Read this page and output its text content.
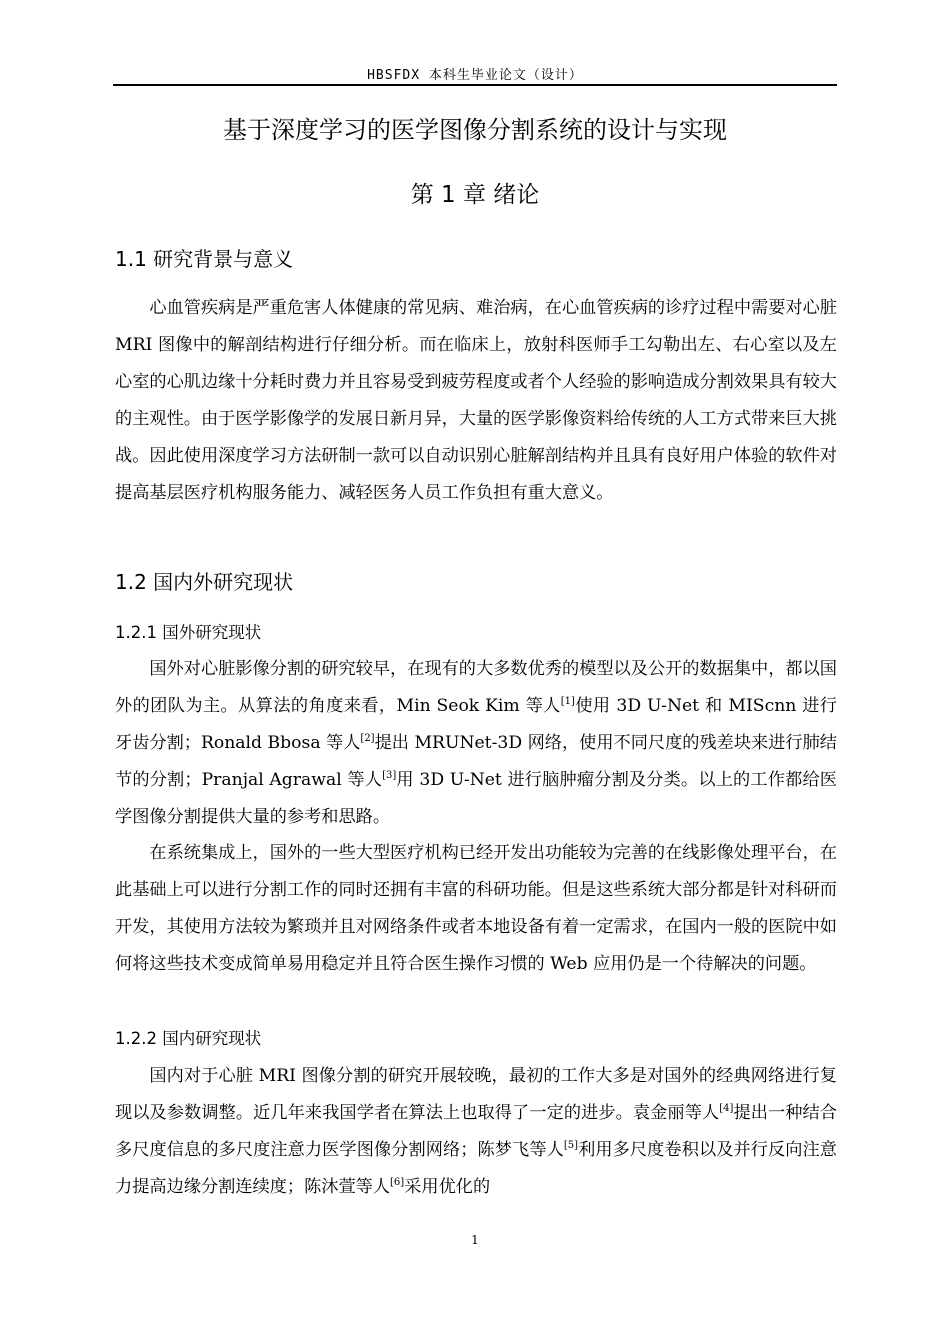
HBSFDX 本科生毕业论文（设计）
基于深度学习的医学图像分割系统的设计与实现
第 1 章 绪论
1.1 研究背景与意义

心血管疾病是严重危害人体健康的常见病、难治病，在心血管疾病的诊疗过程中需要对心脏 MRI 图像中的解剖结构进行仔细分析。而在临床上，放射科医师手工勾勒出左、右心室以及左心室的心肌边缘十分耗时费力并且容易受到疲劳程度或者个人经验的影响造成分割效果具有较大的主观性。由于医学影像学的发展日新月异，大量的医学影像资料给传统的人工方式带来巨大挑战。因此使用深度学习方法研制一款可以自动识别心脏解剖结构并且具有良好用户体验的软件对提高基层医疗机构服务能力、减轻医务人员工作负担有重大意义。

1.2 国内外研究现状
1.2.1 国外研究现状

国外对心脏影像分割的研究较早，在现有的大多数优秀的模型以及公开的数据集中，都以国外的团队为主。从算法的角度来看，Min Seok Kim 等人[1]使用 3D U-Net 和 MIScnn 进行牙齿分割；Ronald Bbosa 等人[2]提出 MRUNet-3D 网络，使用不同尺度的残差块来进行肺结节的分割；Pranjal Agrawal 等人[3]用 3D U-Net 进行脑肿瘤分割及分类。以上的工作都给医学图像分割提供大量的参考和思路。

在系统集成上，国外的一些大型医疗机构已经开发出功能较为完善的在线影像处理平台，在此基础上可以进行分割工作的同时还拥有丰富的科研功能。但是这些系统大部分都是针对科研而开发，其使用方法较为繁琐并且对网络条件或者本地设备有着一定需求，在国内一般的医院中如何将这些技术变成简单易用稳定并且符合医生操作习惯的 Web 应用仍是一个待解决的问题。

1.2.2 国内研究现状

国内对于心脏 MRI 图像分割的研究开展较晚，最初的工作大多是对国外的经典网络进行复现以及参数调整。近几年来我国学者在算法上也取得了一定的进步。袁金丽等人[4]提出一种结合多尺度信息的多尺度注意力医学图像分割网络；陈梦飞等人[5]利用多尺度卷积以及并行反向注意力提高边缘分割连续度；陈沐萱等人[6]采用优化的

1
